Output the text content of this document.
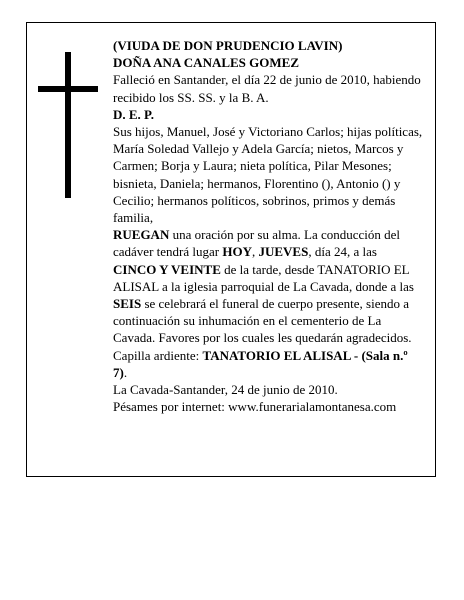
(VIUDA DE DON PRUDENCIO LAVIN)

DOÑA ANA CANALES GOMEZ

Falleció en Santander, el día 22 de junio de 2010, habiendo recibido los SS. SS. y la B. A.

D. E. P.

Sus hijos, Manuel, José y Victoriano Carlos; hijas políticas, María Soledad Vallejo y Adela García; nietos, Marcos y Carmen; Borja y Laura; nieta política, Pilar Mesones; bisnieta, Daniela; hermanos, Florentino (), Antonio () y Cecilio; hermanos políticos, sobrinos, primos y demás familia,

RUEGAN una oración por su alma. La conducción del cadáver tendrá lugar HOY, JUEVES, día 24, a las CINCO Y VEINTE de la tarde, desde TANATORIO EL ALISAL a la iglesia parroquial de La Cavada, donde a las SEIS se celebrará el funeral de cuerpo presente, siendo a continuación su inhumación en el cementerio de La Cavada. Favores por los cuales les quedarán agradecidos.

Capilla ardiente: TANATORIO EL ALISAL - (Sala n.º 7).

La Cavada-Santander, 24 de junio de 2010.

Pésames por internet: www.funerarialamontanesa.com
